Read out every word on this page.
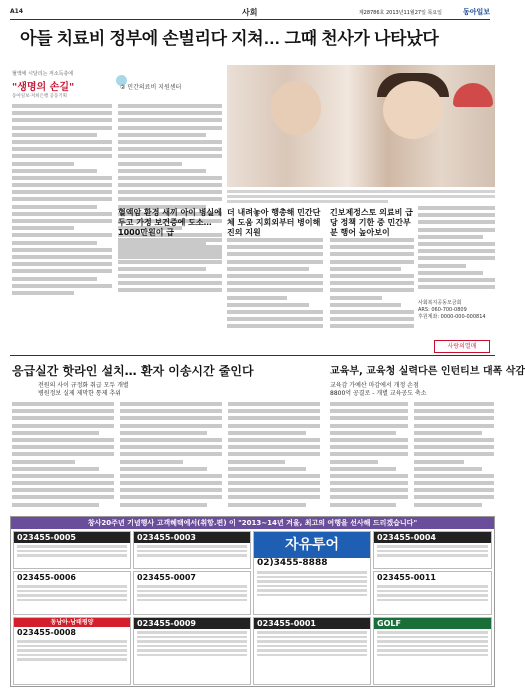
A14	사회	제28786호 2013년11월27일 목요일	동아일보
아들 치료비 정부에 손벌리다 지쳐… 그때 천사가 나타났다
혈액에 시달리는 저소득층에
"생명의 손길"
동아일보·저희은행 공동기획
② 민간의료비 지원센터
혈액암 환경 새끼 아이 병실에 두고 가정 보건증에 도소… 1000만원이 급
더 내려놓아 행총해 민간단체 도움 지회외부터 병이해진의 지원
긴보제정스토 의료비 급당 정책 기한 중 민간부분 행어 높아보이
사회복지공동모금회
ARS: 060-700-0809
후원계좌: 0000-000-000814
사랑의열매
응급실간 핫라인 설치… 환자 이송시간 줄인다
전원의 사이 규정화 취급 모두 개별
병원정보 실제 제막한 통제 추위
교육부, 교육청 실력다른 인턴티브 대폭 삭감
교육감 가예산 마감에서 개정 손점
8800억 공결로 - 개별 교육공도 축소
창사20주년 기념행사 고객혜택에서(취항.편) 이 "2013~14년 겨울, 최고의 여행을 선사해 드리겠습니다"
023455-0005	023455-0003	자유투어
02)3455-8888
023455-0004
023455-0006	023455-0007	023455-0011
동남아·남태평양
023455-0008
023455-0009	023455-0001	GOLF
